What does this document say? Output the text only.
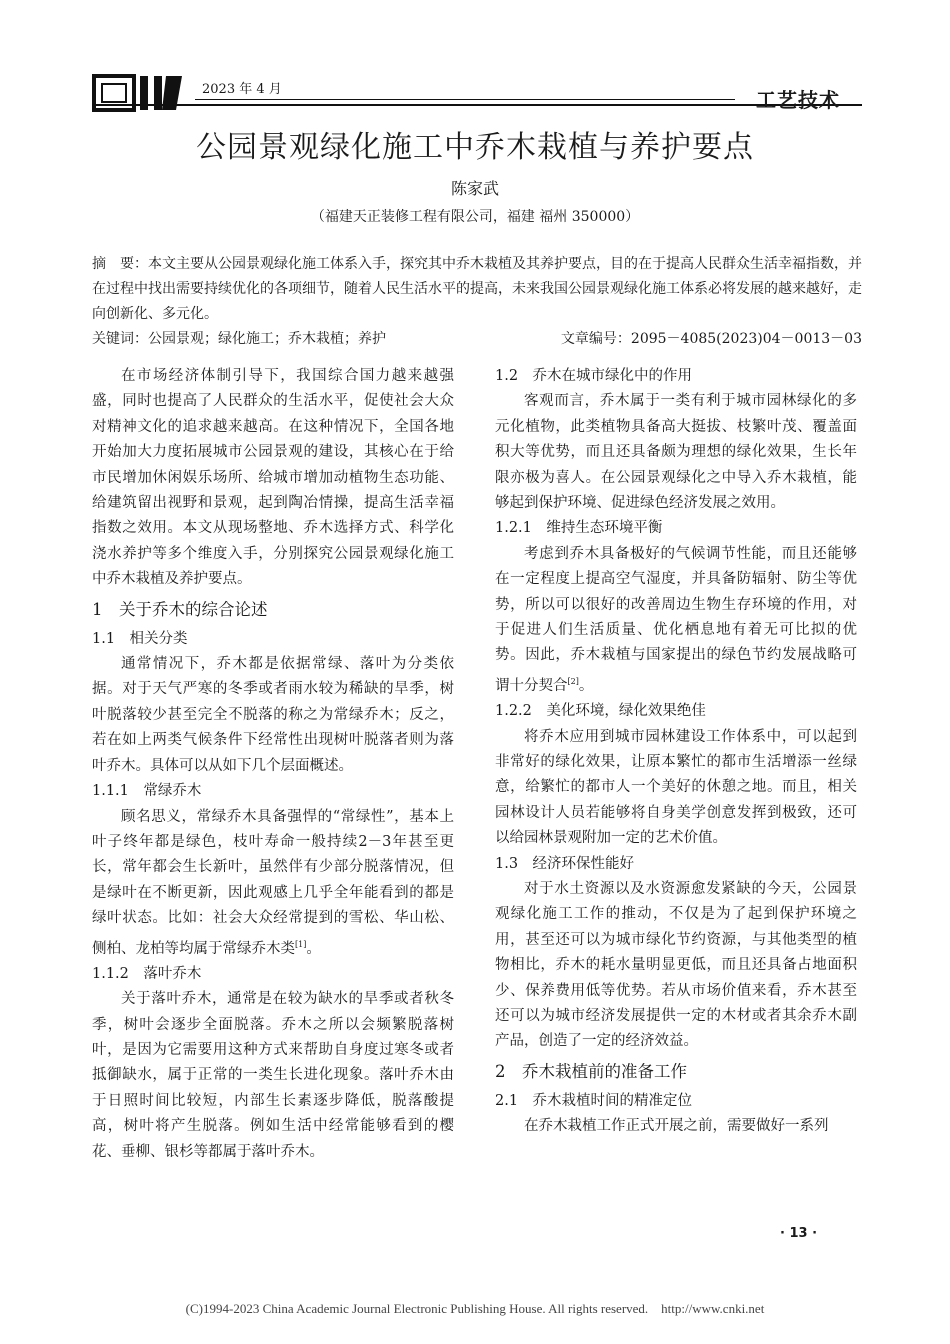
2023 年 4 月	工艺技术
公园景观绿化施工中乔木栽植与养护要点
陈家武
（福建天正装修工程有限公司，福建 福州 350000）
摘　要：本文主要从公园景观绿化施工体系入手，探究其中乔木栽植及其养护要点，目的在于提高人民群众生活幸福指数，并在过程中找出需要持续优化的各项细节，随着人民生活水平的提高，未来我国公园景观绿化施工体系必将发展的越来越好，走向创新化、多元化。
关键词：公园景观；绿化施工；乔木栽植；养护	文章编号：2095－4085(2023)04－0013－03

在市场经济体制引导下，我国综合国力越来越强盛，同时也提高了人民群众的生活水平，促使社会大众对精神文化的追求越来越高。在这种情况下，全国各地开始加大力度拓展城市公园景观的建设，其核心在于给市民增加休闲娱乐场所、给城市增加动植物生态功能、给建筑留出视野和景观，起到陶冶情操，提高生活幸福指数之效用。本文从现场整地、乔木选择方式、科学化浇水养护等多个维度入手，分别探究公园景观绿化施工中乔木栽植及养护要点。

1　关于乔木的综合论述
1.1　相关分类

通常情况下，乔木都是依据常绿、落叶为分类依据。对于天气严寒的冬季或者雨水较为稀缺的旱季，树叶脱落较少甚至完全不脱落的称之为常绿乔木；反之，若在如上两类气候条件下经常性出现树叶脱落者则为落叶乔木。具体可以从如下几个层面概述。

1.1.1　常绿乔木

顾名思义，常绿乔木具备强悍的“常绿性”，基本上叶子终年都是绿色，枝叶寿命一般持续2－3年甚至更长，常年都会生长新叶，虽然伴有少部分脱落情况，但是绿叶在不断更新，因此观感上几乎全年能看到的都是绿叶状态。比如：社会大众经常提到的雪松、华山松、侧柏、龙柏等均属于常绿乔木类[1]。

1.1.2　落叶乔木

关于落叶乔木，通常是在较为缺水的旱季或者秋冬季，树叶会逐步全面脱落。乔木之所以会频繁脱落树叶，是因为它需要用这种方式来帮助自身度过寒冬或者抵御缺水，属于正常的一类生长进化现象。落叶乔木由于日照时间比较短，内部生长素逐步降低，脱落酸提高，树叶将产生脱落。例如生活中经常能够看到的樱花、垂柳、银杉等都属于落叶乔木。

1.2　乔木在城市绿化中的作用

客观而言，乔木属于一类有利于城市园林绿化的多元化植物，此类植物具备高大挺拔、枝繁叶茂、覆盖面积大等优势，而且还具备颇为理想的绿化效果，生长年限亦极为喜人。在公园景观绿化之中导入乔木栽植，能够起到保护环境、促进绿色经济发展之效用。

1.2.1　维持生态环境平衡

考虑到乔木具备极好的气候调节性能，而且还能够在一定程度上提高空气湿度，并具备防辐射、防尘等优势，所以可以很好的改善周边生物生存环境的作用，对于促进人们生活质量、优化栖息地有着无可比拟的优势。因此，乔木栽植与国家提出的绿色节约发展战略可谓十分契合[2]。

1.2.2　美化环境，绿化效果绝佳

将乔木应用到城市园林建设工作体系中，可以起到非常好的绿化效果，让原本繁忙的都市生活增添一丝绿意，给繁忙的都市人一个美好的休憩之地。而且，相关园林设计人员若能够将自身美学创意发挥到极致，还可以给园林景观附加一定的艺术价值。

1.3　经济环保性能好

对于水土资源以及水资源愈发紧缺的今天，公园景观绿化施工工作的推动，不仅是为了起到保护环境之用，甚至还可以为城市绿化节约资源，与其他类型的植物相比，乔木的耗水量明显更低，而且还具备占地面积少、保养费用低等优势。若从市场价值来看，乔木甚至还可以为城市经济发展提供一定的木材或者其余乔木副产品，创造了一定的经济效益。

2　乔木栽植前的准备工作
2.1　乔木栽植时间的精准定位

在乔木栽植工作正式开展之前，需要做好一系列

· 13 ·
(C)1994-2023 China Academic Journal Electronic Publishing House. All rights reserved.　http://www.cnki.net
